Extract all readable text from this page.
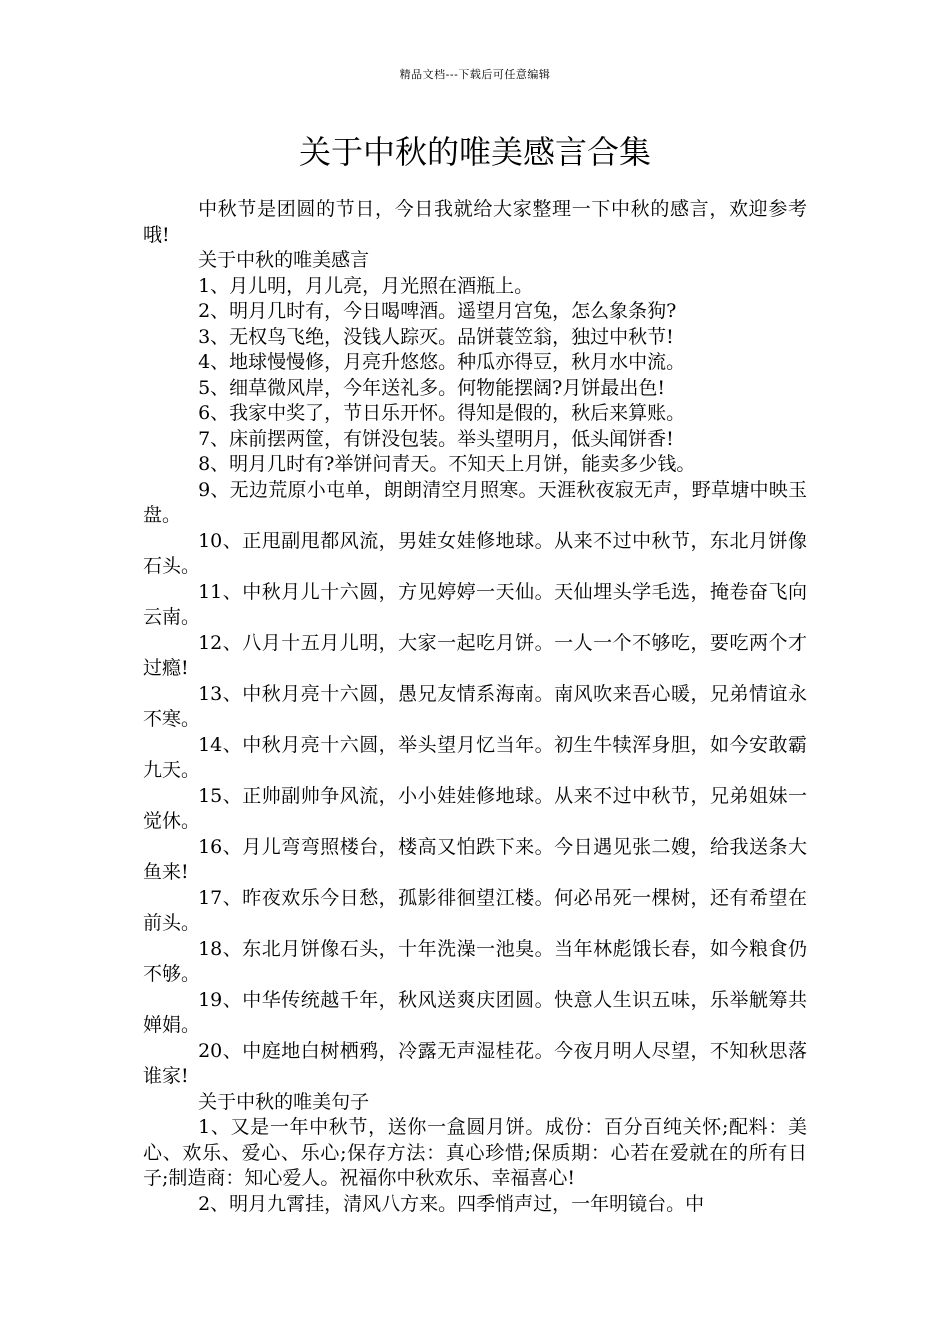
精品文档---下载后可任意编辑
关于中秋的唯美感言合集

中秋节是团圆的节日，今日我就给大家整理一下中秋的感言，欢迎参考哦!

关于中秋的唯美感言

1、月儿明，月儿亮，月光照在酒瓶上。

2、明月几时有，今日喝啤酒。遥望月宫兔，怎么象条狗?

3、无权鸟飞绝，没钱人踪灭。品饼蓑笠翁，独过中秋节!

4、地球慢慢修，月亮升悠悠。种瓜亦得豆，秋月水中流。

5、细草微风岸，今年送礼多。何物能摆阔?月饼最出色!

6、我家中奖了，节日乐开怀。得知是假的，秋后来算账。

7、床前摆两筐，有饼没包装。举头望明月，低头闻饼香!

8、明月几时有?举饼问青天。不知天上月饼，能卖多少钱。

9、无边荒原小屯单，朗朗清空月照寒。天涯秋夜寂无声，野草塘中映玉盘。

10、正甩副甩都风流，男娃女娃修地球。从来不过中秋节，东北月饼像石头。

11、中秋月儿十六圆，方见婷婷一天仙。天仙埋头学毛选，掩卷奋飞向云南。

12、八月十五月儿明，大家一起吃月饼。一人一个不够吃，要吃两个才过瘾!

13、中秋月亮十六圆，愚兄友情系海南。南风吹来吾心暖，兄弟情谊永不寒。

14、中秋月亮十六圆，举头望月忆当年。初生牛犊浑身胆，如今安敢霸九天。

15、正帅副帅争风流，小小娃娃修地球。从来不过中秋节，兄弟姐妹一觉休。

16、月儿弯弯照楼台，楼高又怕跌下来。今日遇见张二嫂，给我送条大鱼来!

17、昨夜欢乐今日愁，孤影徘徊望江楼。何必吊死一棵树，还有希望在前头。

18、东北月饼像石头，十年洗澡一池臭。当年林彪饿长春，如今粮食仍不够。

19、中华传统越千年，秋风送爽庆团圆。快意人生识五味，乐举觥筹共婵娟。

20、中庭地白树栖鸦，冷露无声湿桂花。今夜月明人尽望，不知秋思落谁家!

关于中秋的唯美句子

1、又是一年中秋节，送你一盒圆月饼。成份：百分百纯关怀;配料：美心、欢乐、爱心、乐心;保存方法：真心珍惜;保质期：心若在爱就在的所有日子;制造商：知心爱人。祝福你中秋欢乐、幸福喜心!

2、明月九霄挂，清风八方来。四季悄声过，一年明镜台。中
